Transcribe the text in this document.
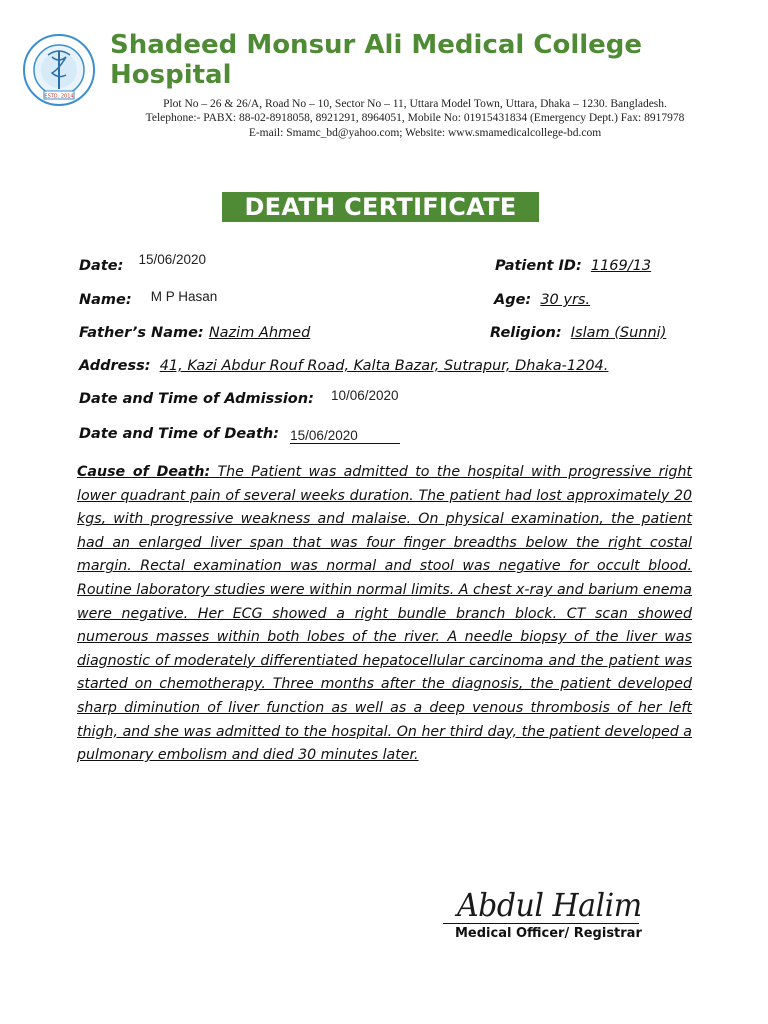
ESTD. 2014
Shadeed Monsur Ali Medical College Hospital
Plot No – 26 & 26/A, Road No – 10, Sector No – 11, Uttara Model Town, Uttara, Dhaka – 1230. Bangladesh.
Telephone:- PABX: 88-02-8918058, 8921291, 8964051, Mobile No: 01915431834 (Emergency Dept.) Fax: 8917978
E-mail: Smamc_bd@yahoo.com; Website: www.smamedicalcollege-bd.com
DEATH CERTIFICATE
Date: $^{15/06/2020}$	Patient ID: 1169/13
Name: M P Hasan	Age: 30 yrs.
Father’s Name: Nazim Ahmed	Religion: Islam (Sunni)
Address: 41, Kazi Abdur Rouf Road, Kalta Bazar, Sutrapur, Dhaka-1204.
Date and Time of Admission: 10/06/2020
Date and Time of Death: 15/06/2020
Cause of Death: The Patient was admitted to the hospital with progressive right lower quadrant pain of several weeks duration. The patient had lost approximately 20 kgs, with progressive weakness and malaise. On physical examination, the patient had an enlarged liver span that was four finger breadths below the right costal margin. Rectal examination was normal and stool was negative for occult blood. Routine laboratory studies were within normal limits. A chest x-ray and barium enema were negative. Her ECG showed a right bundle branch block. CT scan showed numerous masses within both lobes of the river. A needle biopsy of the liver was diagnostic of moderately differentiated hepatocellular carcinoma and the patient was started on chemotherapy. Three months after the diagnosis, the patient developed sharp diminution of liver function as well as a deep venous thrombosis of her left thigh, and she was admitted to the hospital. On her third day, the patient developed a pulmonary embolism and died 30 minutes later.
Abdul Halim
Medical Officer/ Registrar
